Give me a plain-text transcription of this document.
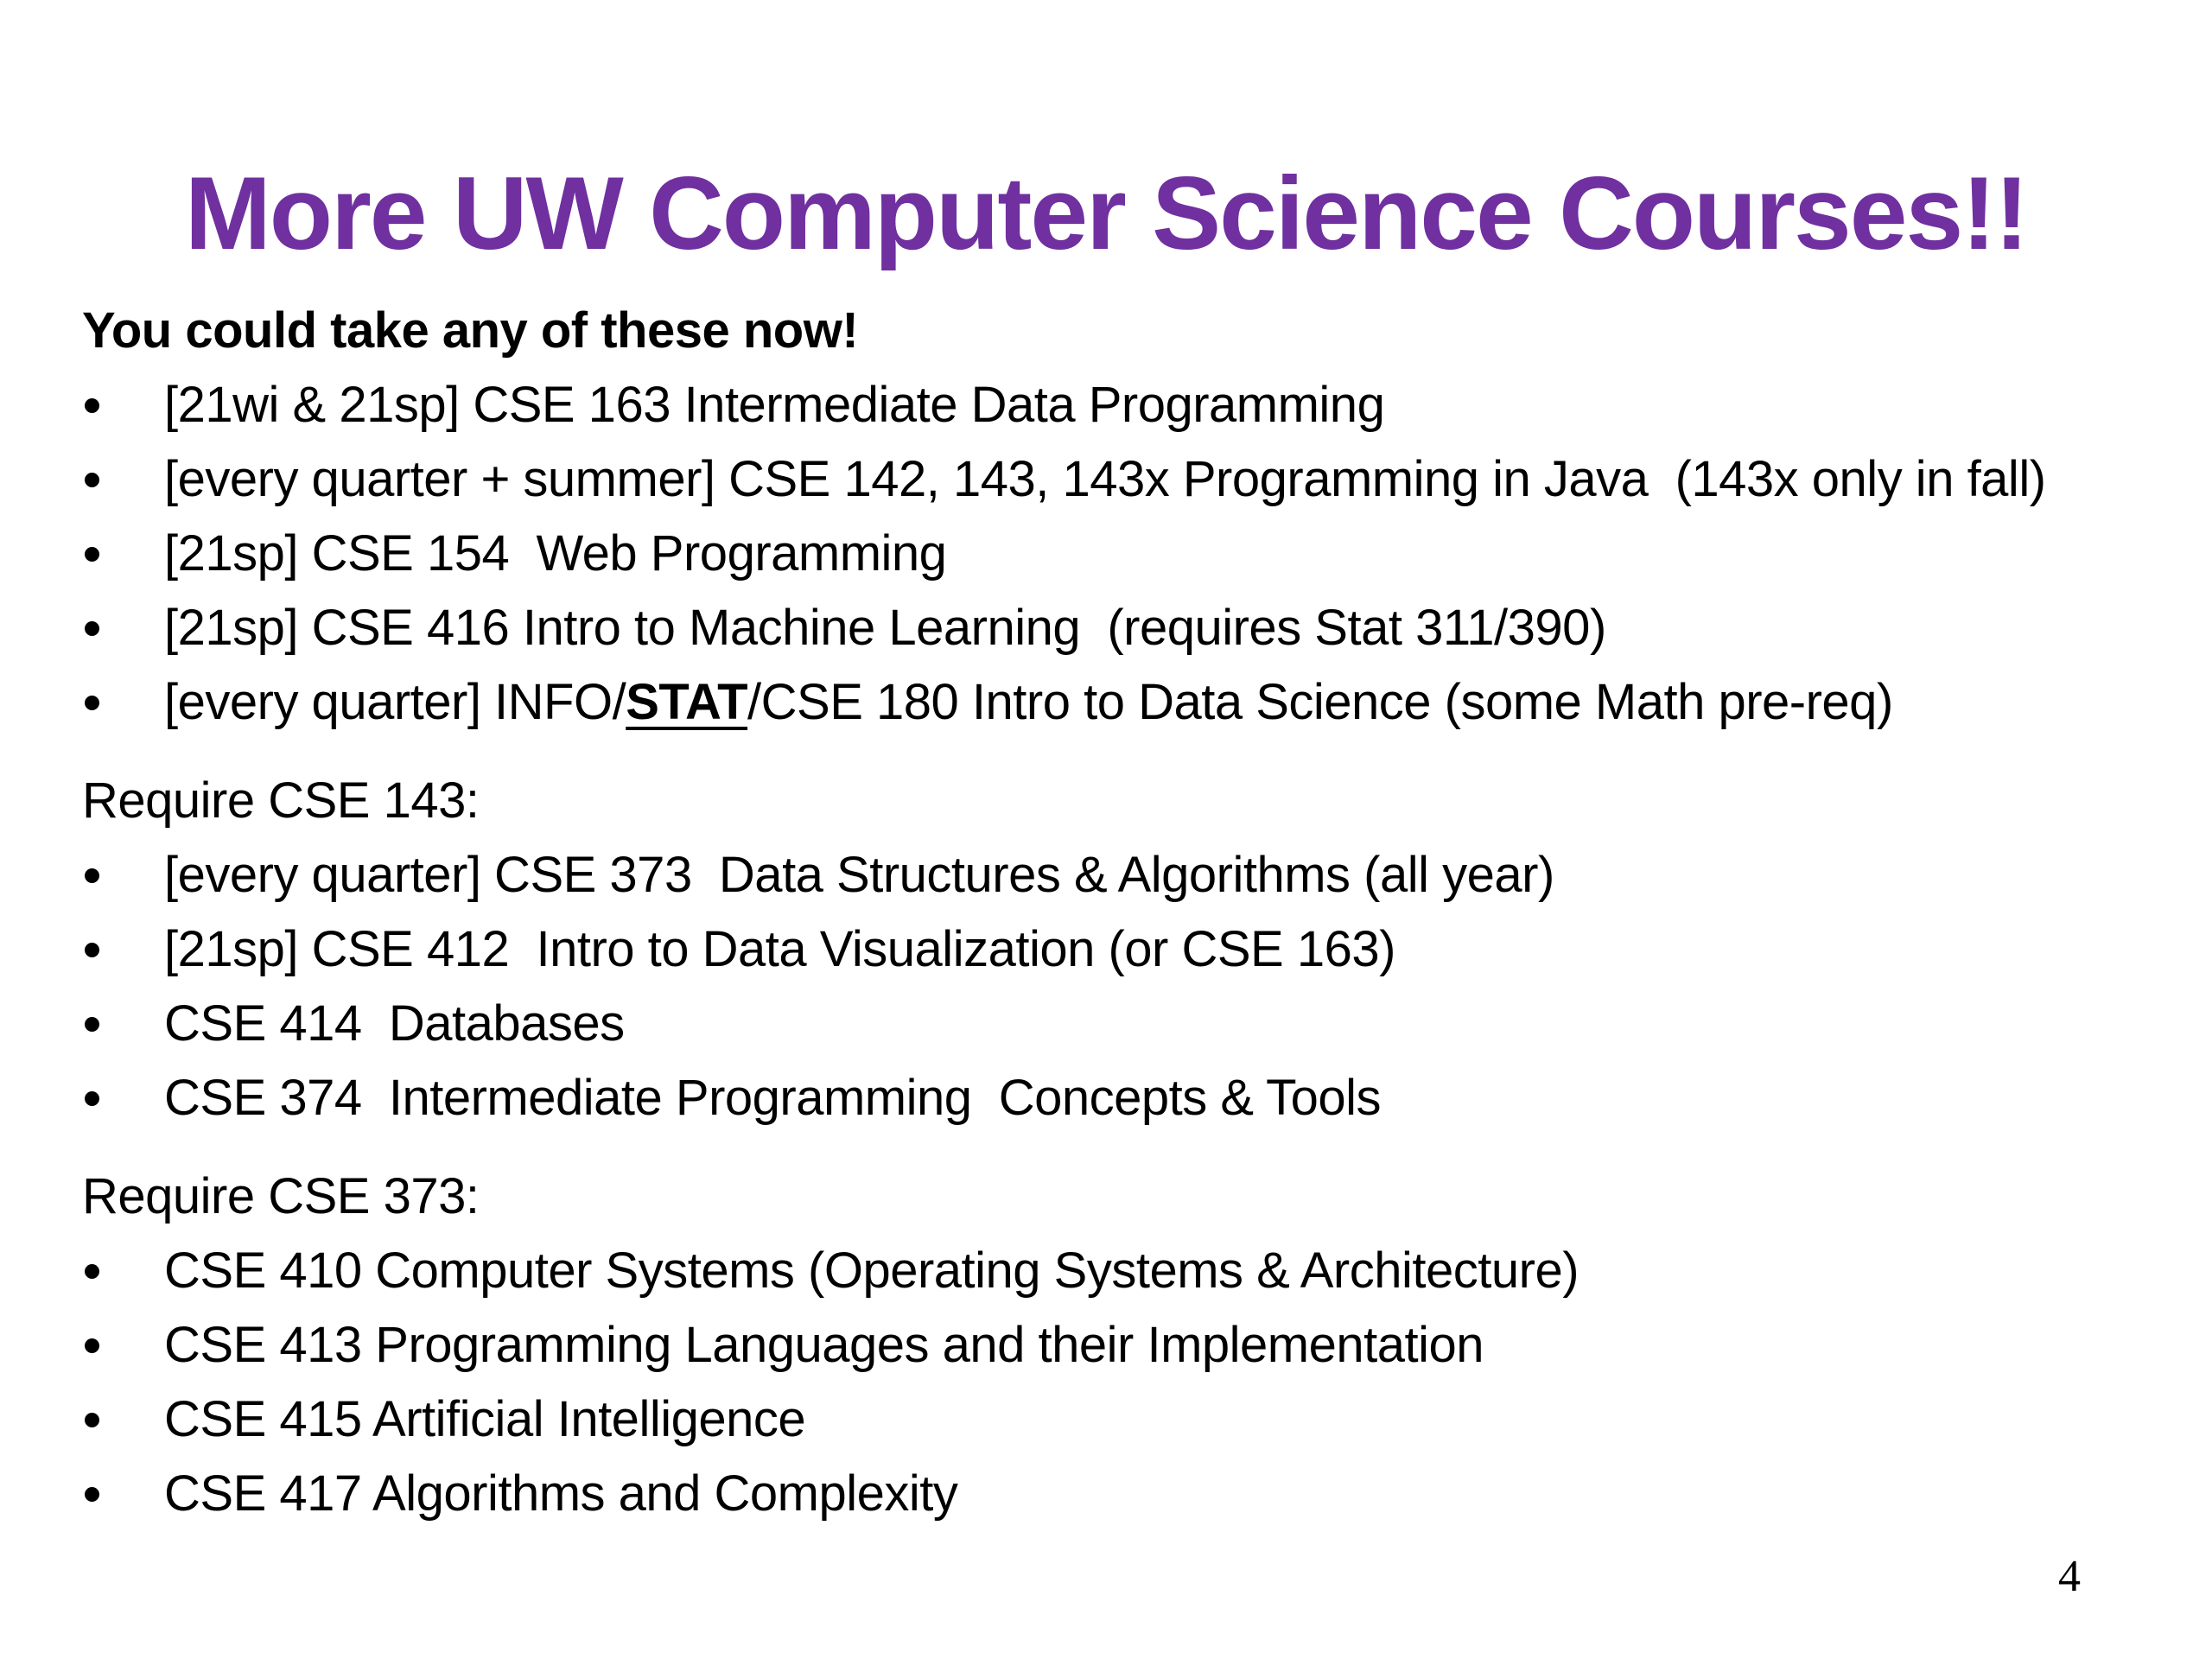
More UW Computer Science Courses!!
You could take any of these now!
[21wi & 21sp] CSE 163 Intermediate Data Programming
[every quarter + summer] CSE 142, 143, 143x Programming in Java  (143x only in fall)
[21sp] CSE 154  Web Programming
[21sp] CSE 416 Intro to Machine Learning  (requires Stat 311/390)
[every quarter] INFO/STAT/CSE 180 Intro to Data Science (some Math pre-req)
Require CSE 143:
[every quarter] CSE 373  Data Structures & Algorithms (all year)
[21sp] CSE 412  Intro to Data Visualization (or CSE 163)
CSE 414  Databases
CSE 374  Intermediate Programming  Concepts & Tools
Require CSE 373:
CSE 410 Computer Systems (Operating Systems & Architecture)
CSE 413 Programming Languages and their Implementation
CSE 415 Artificial Intelligence
CSE 417 Algorithms and Complexity
4
